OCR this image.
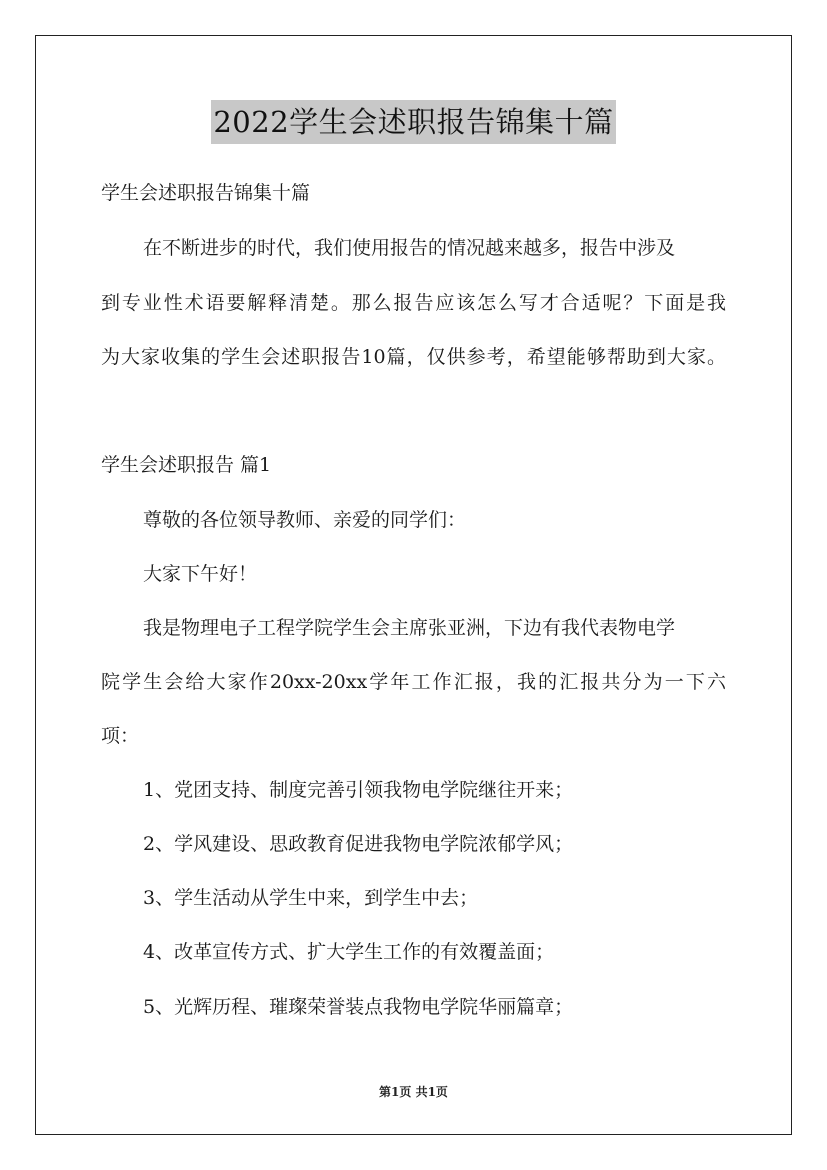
2022学生会述职报告锦集十篇
学生会述职报告锦集十篇
在不断进步的时代，我们使用报告的情况越来越多，报告中涉及
到专业性术语要解释清楚。那么报告应该怎么写才合适呢？下面是我
为大家收集的学生会述职报告10篇，仅供参考，希望能够帮助到大家。
学生会述职报告 篇1
尊敬的各位领导教师、亲爱的同学们：
大家下午好！
我是物理电子工程学院学生会主席张亚洲，下边有我代表物电学
院学生会给大家作20xx-20xx学年工作汇报，我的汇报共分为一下六
项：
1、党团支持、制度完善引领我物电学院继往开来；
2、学风建设、思政教育促进我物电学院浓郁学风；
3、学生活动从学生中来，到学生中去；
4、改革宣传方式、扩大学生工作的有效覆盖面；
5、光辉历程、璀璨荣誉装点我物电学院华丽篇章；
第1页 共1页
